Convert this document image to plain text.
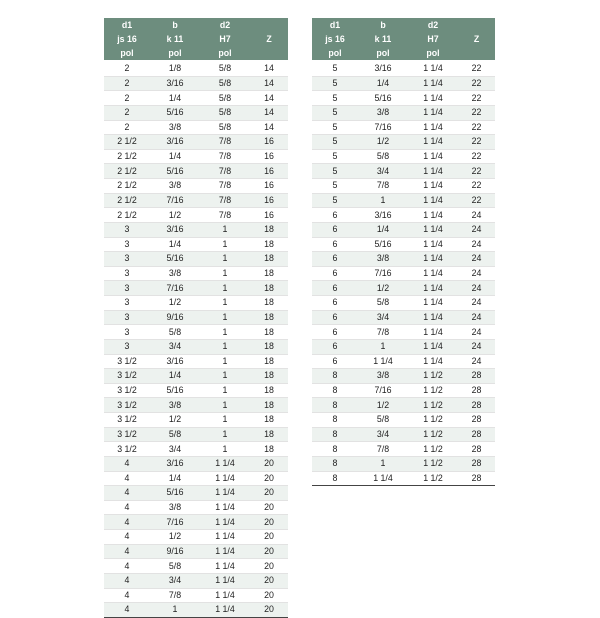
d1	b	d2	
js 16	k 11	H7	Z
pol	pol	pol	
2	1/8	5/8	14
2	3/16	5/8	14
2	1/4	5/8	14
2	5/16	5/8	14
2	3/8	5/8	14
2 1/2	3/16	7/8	16
2 1/2	1/4	7/8	16
2 1/2	5/16	7/8	16
2 1/2	3/8	7/8	16
2 1/2	7/16	7/8	16
2 1/2	1/2	7/8	16
3	3/16	1	18
3	1/4	1	18
3	5/16	1	18
3	3/8	1	18
3	7/16	1	18
3	1/2	1	18
3	9/16	1	18
3	5/8	1	18
3	3/4	1	18
3 1/2	3/16	1	18
3 1/2	1/4	1	18
3 1/2	5/16	1	18
3 1/2	3/8	1	18
3 1/2	1/2	1	18
3 1/2	5/8	1	18
3 1/2	3/4	1	18
4	3/16	1 1/4	20
4	1/4	1 1/4	20
4	5/16	1 1/4	20
4	3/8	1 1/4	20
4	7/16	1 1/4	20
4	1/2	1 1/4	20
4	9/16	1 1/4	20
4	5/8	1 1/4	20
4	3/4	1 1/4	20
4	7/8	1 1/4	20
4	1	1 1/4	20
d1	b	d2	
js 16	k 11	H7	Z
pol	pol	pol	
5	3/16	1 1/4	22
5	1/4	1 1/4	22
5	5/16	1 1/4	22
5	3/8	1 1/4	22
5	7/16	1 1/4	22
5	1/2	1 1/4	22
5	5/8	1 1/4	22
5	3/4	1 1/4	22
5	7/8	1 1/4	22
5	1	1 1/4	22
6	3/16	1 1/4	24
6	1/4	1 1/4	24
6	5/16	1 1/4	24
6	3/8	1 1/4	24
6	7/16	1 1/4	24
6	1/2	1 1/4	24
6	5/8	1 1/4	24
6	3/4	1 1/4	24
6	7/8	1 1/4	24
6	1	1 1/4	24
6	1 1/4	1 1/4	24
8	3/8	1 1/2	28
8	7/16	1 1/2	28
8	1/2	1 1/2	28
8	5/8	1 1/2	28
8	3/4	1 1/2	28
8	7/8	1 1/2	28
8	1	1 1/2	28
8	1 1/4	1 1/2	28
